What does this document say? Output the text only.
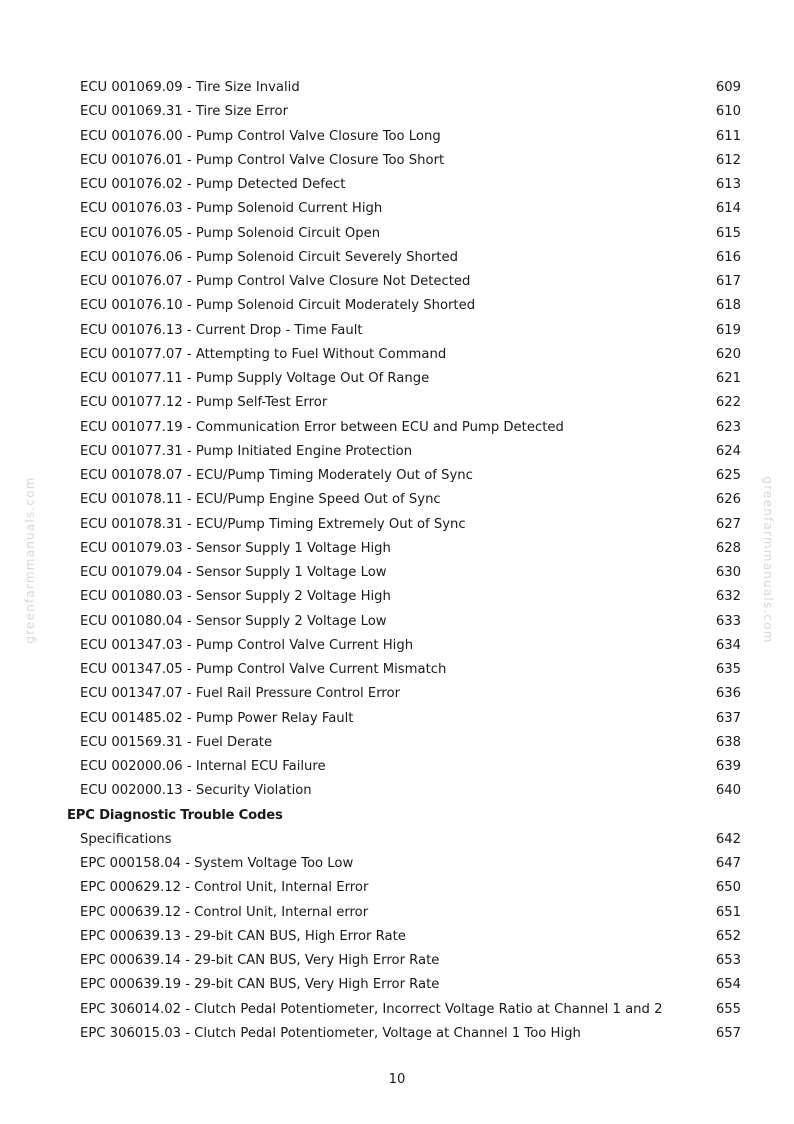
greenfarmmanuals.com	greenfarmmanuals.com
ECU 001069.09 - Tire Size Invalid	609
ECU 001069.31 - Tire Size Error	610
ECU 001076.00 - Pump Control Valve Closure Too Long	611
ECU 001076.01 - Pump Control Valve Closure Too Short	612
ECU 001076.02 - Pump Detected Defect	613
ECU 001076.03 - Pump Solenoid Current High	614
ECU 001076.05 - Pump Solenoid Circuit Open	615
ECU 001076.06 - Pump Solenoid Circuit Severely Shorted	616
ECU 001076.07 - Pump Control Valve Closure Not Detected	617
ECU 001076.10 - Pump Solenoid Circuit Moderately Shorted	618
ECU 001076.13 - Current Drop - Time Fault	619
ECU 001077.07 - Attempting to Fuel Without Command	620
ECU 001077.11 - Pump Supply Voltage Out Of Range	621
ECU 001077.12 - Pump Self-Test Error	622
ECU 001077.19 - Communication Error between ECU and Pump Detected	623
ECU 001077.31 - Pump Initiated Engine Protection	624
ECU 001078.07 - ECU/Pump Timing Moderately Out of Sync	625
ECU 001078.11 - ECU/Pump Engine Speed Out of Sync	626
ECU 001078.31 - ECU/Pump Timing Extremely Out of Sync	627
ECU 001079.03 - Sensor Supply 1 Voltage High	628
ECU 001079.04 - Sensor Supply 1 Voltage Low	630
ECU 001080.03 - Sensor Supply 2 Voltage High	632
ECU 001080.04 - Sensor Supply 2 Voltage Low	633
ECU 001347.03 - Pump Control Valve Current High	634
ECU 001347.05 - Pump Control Valve Current Mismatch	635
ECU 001347.07 - Fuel Rail Pressure Control Error	636
ECU 001485.02 - Pump Power Relay Fault	637
ECU 001569.31 - Fuel Derate	638
ECU 002000.06 - Internal ECU Failure	639
ECU 002000.13 - Security Violation	640
EPC Diagnostic Trouble Codes
Specifications	642
EPC 000158.04 - System Voltage Too Low	647
EPC 000629.12 - Control Unit, Internal Error	650
EPC 000639.12 - Control Unit, Internal error	651
EPC 000639.13 - 29-bit CAN BUS, High Error Rate	652
EPC 000639.14 - 29-bit CAN BUS, Very High Error Rate	653
EPC 000639.19 - 29-bit CAN BUS, Very High Error Rate	654
EPC 306014.02 - Clutch Pedal Potentiometer, Incorrect Voltage Ratio at Channel 1 and 2	655
EPC 306015.03 - Clutch Pedal Potentiometer, Voltage at Channel 1 Too High	657
10
